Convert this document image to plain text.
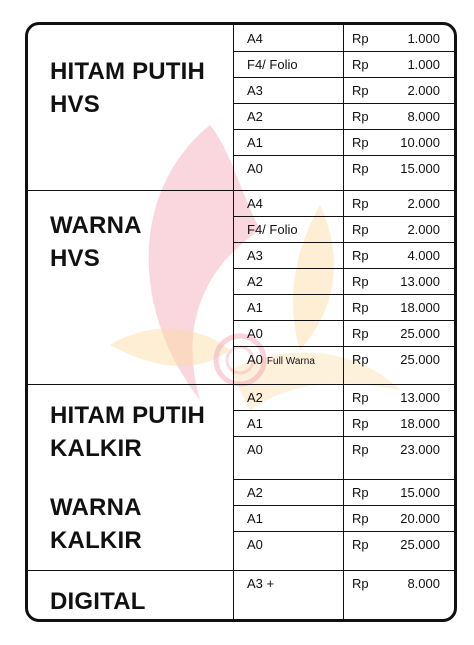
HITAM PUTIH
HVS
A4	Rp	1.000
F4/ Folio	Rp	1.000
A3	Rp	2.000
A2	Rp	8.000
A1	Rp 10.000
A0	Rp 15.000
WARNA
HVS
A4	Rp	2.000
F4/ Folio	Rp	2.000
A3	Rp	4.000
A2	Rp 13.000
A1	Rp 18.000
A0	Rp 25.000
A0 Full Warna	Rp 25.000
HITAM PUTIH
KALKIR
A2	Rp 13.000
A1	Rp 18.000
A0	Rp 23.000
WARNA
KALKIR
A2	Rp 15.000
A1	Rp 20.000
A0	Rp 25.000
DIGITAL
A3 +	Rp	8.000
